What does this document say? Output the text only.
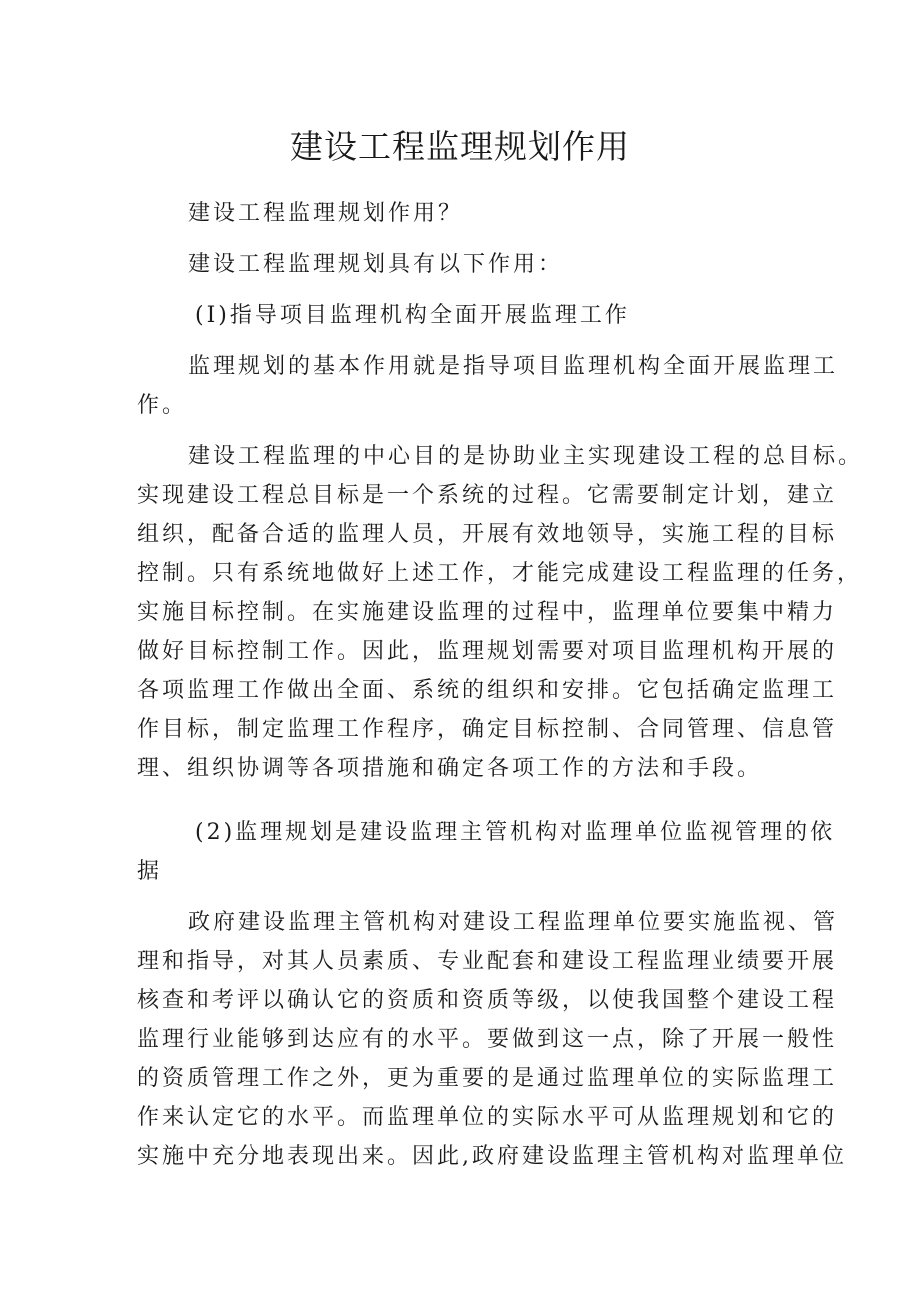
建设工程监理规划作用

建设工程监理规划作用？

建设工程监理规划具有以下作用：

(I)指导项目监理机构全面开展监理工作

监理规划的基本作用就是指导项目监理机构全面开展监理工

作。

建设工程监理的中心目的是协助业主实现建设工程的总目标。

实现建设工程总目标是一个系统的过程。它需要制定计划，建立

组织，配备合适的监理人员，开展有效地领导，实施工程的目标

控制。只有系统地做好上述工作，才能完成建设工程监理的任务，

实施目标控制。在实施建设监理的过程中，监理单位要集中精力

做好目标控制工作。因此，监理规划需要对项目监理机构开展的

各项监理工作做出全面、系统的组织和安排。它包括确定监理工

作目标，制定监理工作程序，确定目标控制、合同管理、信息管

理、组织协调等各项措施和确定各项工作的方法和手段。

(2)监理规划是建设监理主管机构对监理单位监视管理的依

据

政府建设监理主管机构对建设工程监理单位要实施监视、管

理和指导，对其人员素质、专业配套和建设工程监理业绩要开展

核查和考评以确认它的资质和资质等级，以使我国整个建设工程

监理行业能够到达应有的水平。要做到这一点，除了开展一般性

的资质管理工作之外，更为重要的是通过监理单位的实际监理工

作来认定它的水平。而监理单位的实际水平可从监理规划和它的

实施中充分地表现出来。因此,政府建设监理主管机构对监理单位
